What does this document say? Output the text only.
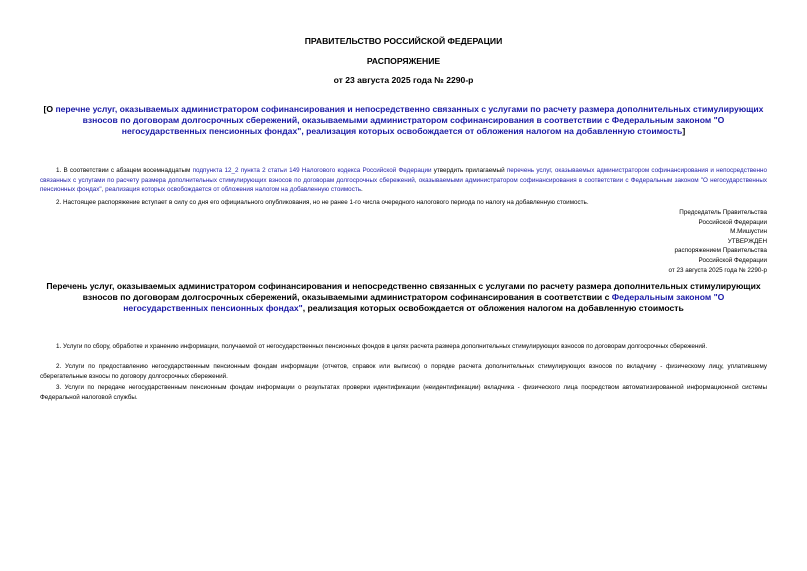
ПРАВИТЕЛЬСТВО РОССИЙСКОЙ ФЕДЕРАЦИИ
РАСПОРЯЖЕНИЕ
от 23 августа 2025 года № 2290-р
[О перечне услуг, оказываемых администратором софинансирования и непосредственно связанных с услугами по расчету размера дополнительных стимулирующих взносов по договорам долгосрочных сбережений, оказываемыми администратором софинансирования в соответствии с Федеральным законом "О негосударственных пенсионных фондах", реализация которых освобождается от обложения налогом на добавленную стоимость]
1. В соответствии с абзацем восемнадцатым подпункта 12_2 пункта 2 статьи 149 Налогового кодекса Российской Федерации утвердить прилагаемый перечень услуг, оказываемых администратором софинансирования и непосредственно связанных с услугами по расчету размера дополнительных стимулирующих взносов по договорам долгосрочных сбережений, оказываемыми администратором софинансирования в соответствии с Федеральным законом "О негосударственных пенсионных фондах", реализация которых освобождается от обложения налогом на добавленную стоимость.
2. Настоящее распоряжение вступает в силу со дня его официального опубликования, но не ранее 1-го числа очередного налогового периода по налогу на добавленную стоимость.
Председатель Правительства
Российской Федерации
М.Мишустин
УТВЕРЖДЕН
распоряжением Правительства
Российской Федерации
от 23 августа 2025 года № 2290-р
Перечень услуг, оказываемых администратором софинансирования и непосредственно связанных с услугами по расчету размера дополнительных стимулирующих взносов по договорам долгосрочных сбережений, оказываемыми администратором софинансирования в соответствии с Федеральным законом "О негосударственных пенсионных фондах", реализация которых освобождается от обложения налогом на добавленную стоимость
1. Услуги по сбору, обработке и хранению информации, получаемой от негосударственных пенсионных фондов в целях расчета размера дополнительных стимулирующих взносов по договорам долгосрочных сбережений.
2. Услуги по предоставлению негосударственным пенсионным фондам информации (отчетов, справок или выписок) о порядке расчета дополнительных стимулирующих взносов по вкладчику - физическому лицу, уплатившему сберегательные взносы по договору долгосрочных сбережений.
3. Услуги по передаче негосударственным пенсионным фондам информации о результатах проверки идентификации (неидентификации) вкладчика - физического лица посредством автоматизированной информационной системы Федеральной налоговой службы.
